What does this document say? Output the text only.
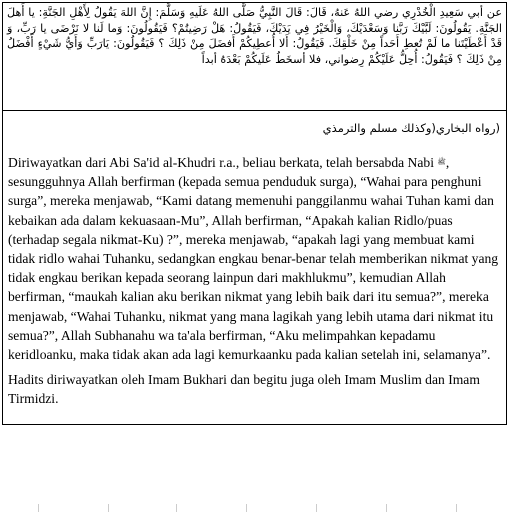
عن أبي سَعِيدِ الْخُدْرِي رضي اللهُ عَنهُ، قَالَ: قَالَ النَّبِيُّ صَلَّى اللهُ عَلَيهِ وَسَلَّمَ: إِنَّ اللهَ يَقُولُ لِأَهْلِ الجَنَّةِ: يا أَهلَ الجَنَّةِ. يَقُولُونَ: لَبَّيْكَ رَبَّنا وَسَعْدَيْكَ، وَالْخَيْرُ فِي يَدَيْكَ، فَيَقُولُ: هَلْ رَضِيتُمْ؟ فَيَقُولُونَ: وَما لَنا لا نَرْضَى يا رَبِّ، وَ قَدْ أَعْطَيْتَنا ما لَمْ تُعطِ أَحَداً مِنْ خَلْقِكَ. فَيَقُولُ: أَلا أُعطِيكُمْ أَفضَلَ مِنْ ذَلِكَ ؟ فَيَقُولُونَ: يَارَبِّ وَأَيُّ شَيْءٍ أَفْضَلُ مِنْ ذَلِكَ ؟ فَيَقُولُ: أُحِلُّ عَلَيْكُمْ رِضواني، فلا أسخَطُ عَلَيكُمْ بَعْدَهُ أبداً
(رواه البخاري(وكذلك مسلم والترمذي

Diriwayatkan dari Abi Sa'id al-Khudri r.a., beliau berkata, telah bersabda Nabi $^ﷺ$, sesungguhnya Allah berfirman (kepada semua penduduk surga), “Wahai para penghuni surga”, mereka menjawab, “Kami datang memenuhi panggilanmu wahai Tuhan kami dan kebaikan ada dalam kekuasaan-Mu”, Allah berfirman, “Apakah kalian Ridlo/puas (terhadap segala nikmat-Ku) ?”, mereka menjawab, “apakah lagi yang membuat kami tidak ridlo wahai Tuhanku, sedangkan engkau benar-benar telah memberikan nikmat yang tidak engkau berikan kepada seorang lainpun dari makhlukmu”, kemudian Allah berfirman, “maukah kalian aku berikan nikmat yang lebih baik dari itu semua?”, mereka menjawab, “Wahai Tuhanku, nikmat yang mana lagikah yang lebih utama dari nikmat itu semua?”, Allah Subhanahu wa ta'ala berfirman, “Aku melimpahkan kepadamu keridloanku, maka tidak akan ada lagi kemurkaanku pada kalian setelah ini, selamanya”.

Hadits diriwayatkan oleh Imam Bukhari dan begitu juga oleh Imam Muslim dan Imam Tirmidzi.
